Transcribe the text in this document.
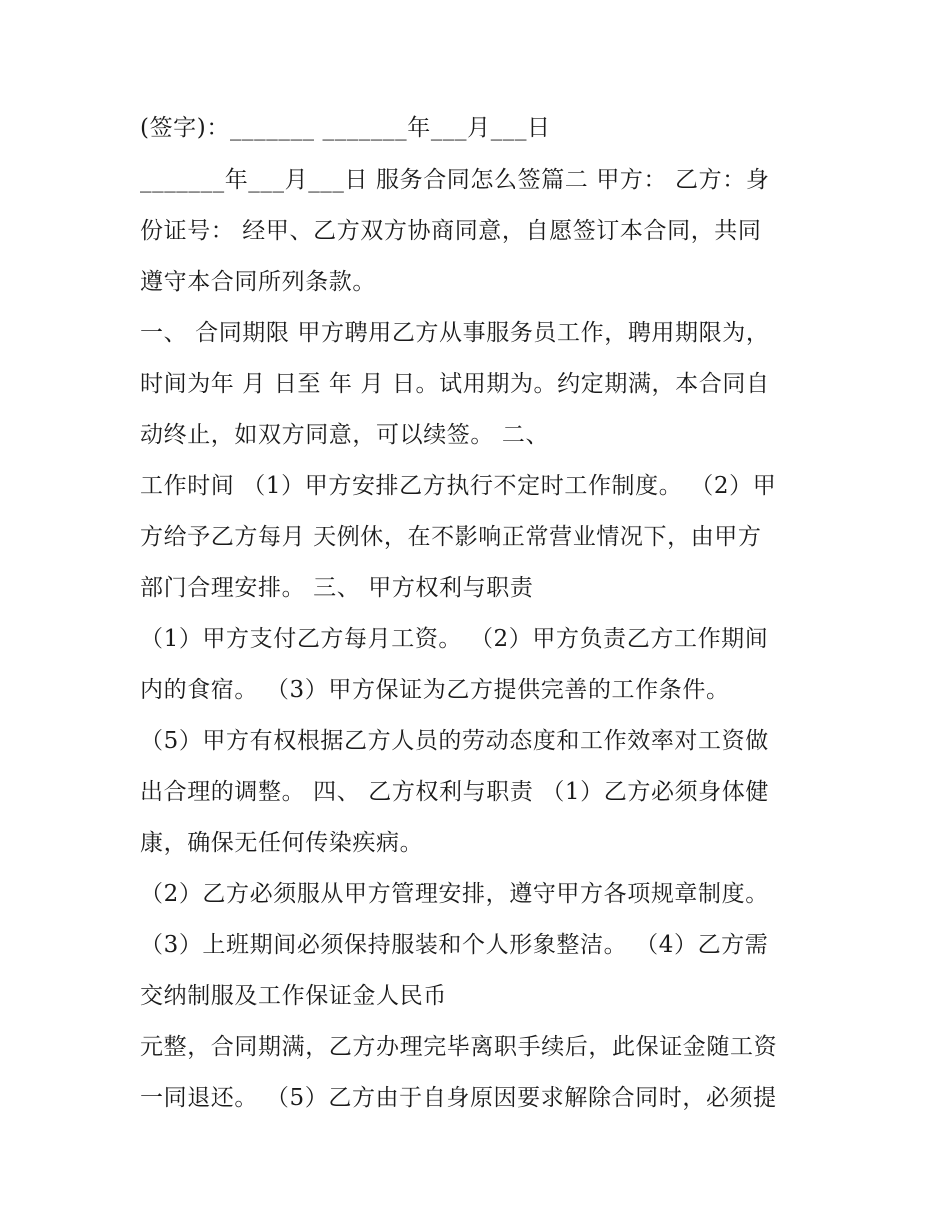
(签字)：_______ _______年___月___日

_______年___月___日 服务合同怎么签篇二 甲方： 乙方：身

份证号： 经甲、乙方双方协商同意，自愿签订本合同，共同

遵守本合同所列条款。

一、 合同期限 甲方聘用乙方从事服务员工作，聘用期限为，

时间为年 月 日至 年 月 日。试用期为。约定期满，本合同自

动终止，如双方同意，可以续签。 二、

工作时间 （1）甲方安排乙方执行不定时工作制度。 （2）甲

方给予乙方每月 天例休，在不影响正常营业情况下，由甲方

部门合理安排。 三、 甲方权利与职责

（1）甲方支付乙方每月工资。 （2）甲方负责乙方工作期间

内的食宿。 （3）甲方保证为乙方提供完善的工作条件。

（5）甲方有权根据乙方人员的劳动态度和工作效率对工资做

出合理的调整。 四、 乙方权利与职责 （1）乙方必须身体健

康，确保无任何传染疾病。

（2）乙方必须服从甲方管理安排，遵守甲方各项规章制度。

（3）上班期间必须保持服装和个人形象整洁。 （4）乙方需

交纳制服及工作保证金人民币

元整，合同期满，乙方办理完毕离职手续后，此保证金随工资

一同退还。 （5）乙方由于自身原因要求解除合同时，必须提
